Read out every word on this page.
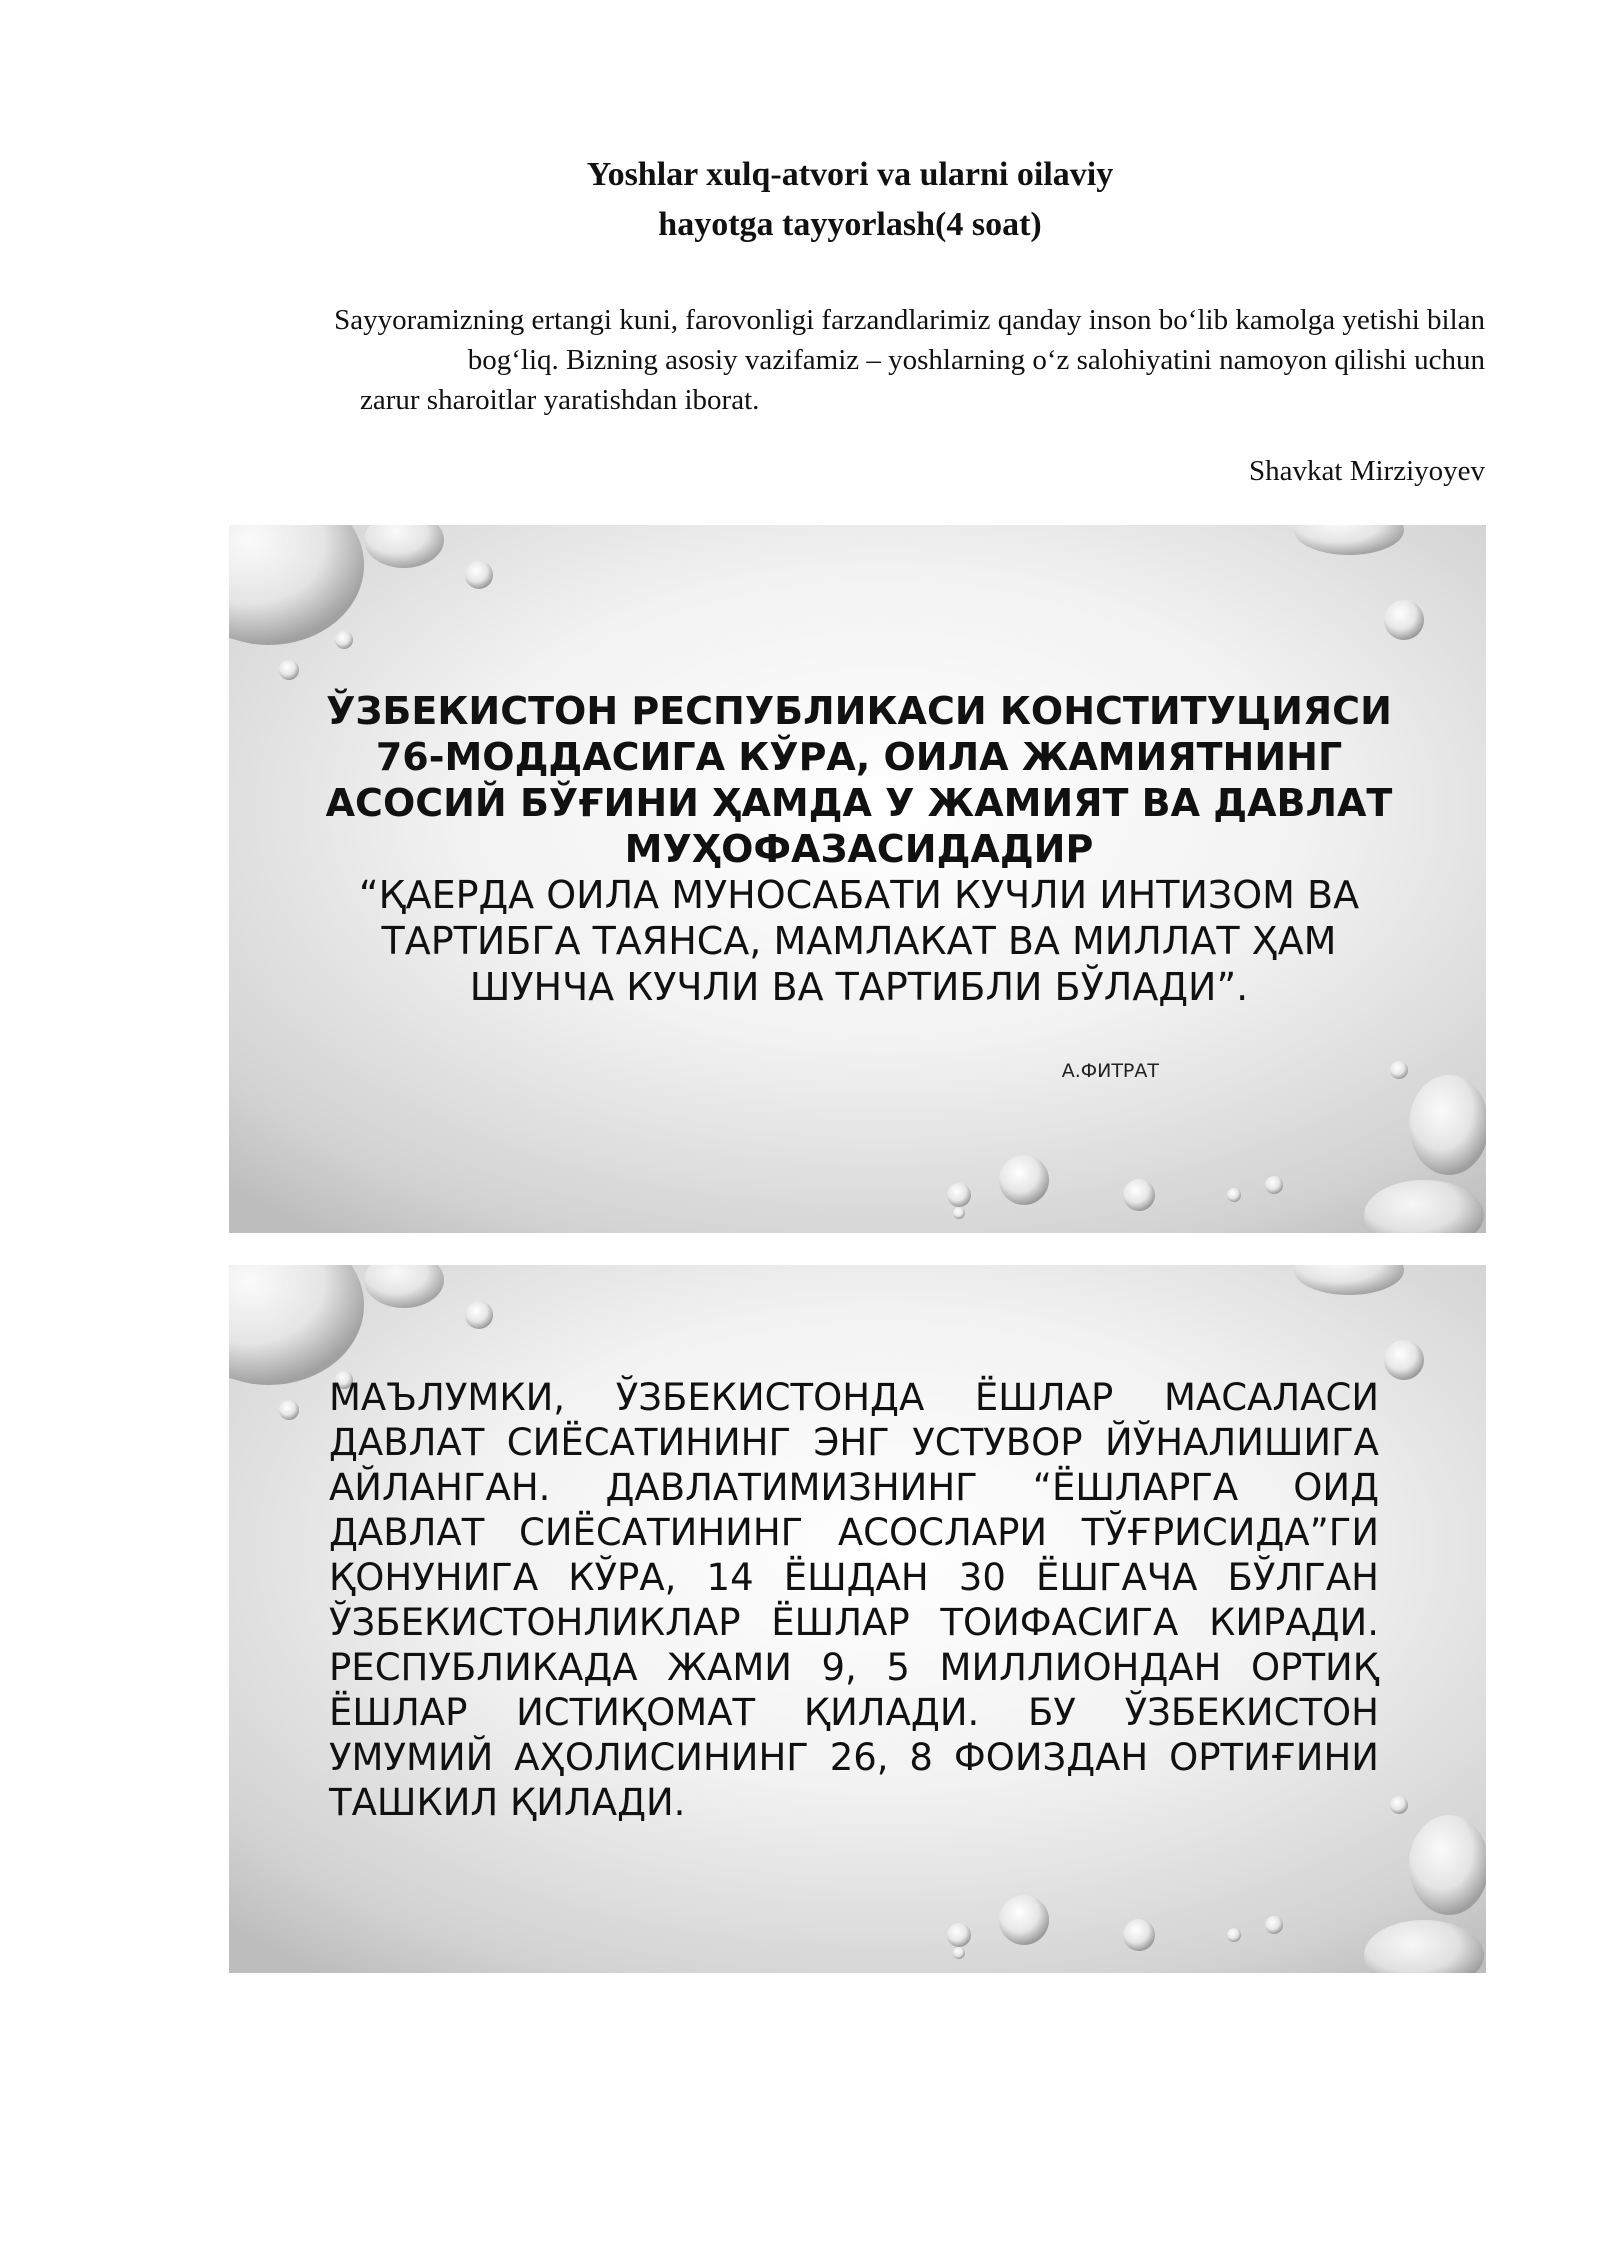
Yoshlar xulq-atvori va ularni oilaviy
hayotga tayyorlash(4 soat)
Sayyoramizning ertangi kuni, farovonligi farzandlarimiz qanday inson bo‘lib kamolga yetishi bilan bog‘liq. Bizning asosiy vazifamiz – yoshlarning o‘z salohiyatini namoyon qilishi uchun
zarur sharoitlar yaratishdan iborat.
Shavkat Mirziyoyev
ЎЗБЕКИСТОН РЕСПУБЛИКАСИ КОНСТИТУЦИЯСИ 76-МОДДАСИГА КЎРА, ОИЛА ЖАМИЯТНИНГ АСОСИЙ БЎҒИНИ ҲАМДА У ЖАМИЯТ ВА ДАВЛАТ МУҲОФАЗАСИДАДИР
“ҚАЕРДА ОИЛА МУНОСАБАТИ КУЧЛИ ИНТИЗОМ ВА ТАРТИБГА ТАЯНСА, МАМЛАКАТ ВА МИЛЛАТ ҲАМ ШУНЧА КУЧЛИ ВА ТАРТИБЛИ БЎЛАДИ”.
А.ФИТРАТ
МАЪЛУМКИ, ЎЗБЕКИСТОНДА ЁШЛАР МАСАЛАСИ ДАВЛАТ СИЁСАТИНИНГ ЭНГ УСТУВОР ЙЎНАЛИШИГА АЙЛАНГАН. ДАВЛАТИМИЗНИНГ “ЁШЛАРГА ОИД ДАВЛАТ СИЁСАТИНИНГ АСОСЛАРИ ТЎҒРИСИДА”ГИ ҚОНУНИГА КЎРА, 14 ЁШДАН 30 ЁШГАЧА БЎЛГАН ЎЗБЕКИСТОНЛИКЛАР ЁШЛАР ТОИФАСИГА КИРАДИ. РЕСПУБЛИКАДА ЖАМИ 9, 5 МИЛЛИОНДАН ОРТИҚ ЁШЛАР ИСТИҚОМАТ ҚИЛАДИ. БУ ЎЗБЕКИСТОН УМУМИЙ АҲОЛИСИНИНГ 26, 8 ФОИЗДАН ОРТИҒИНИ ТАШКИЛ ҚИЛАДИ.
